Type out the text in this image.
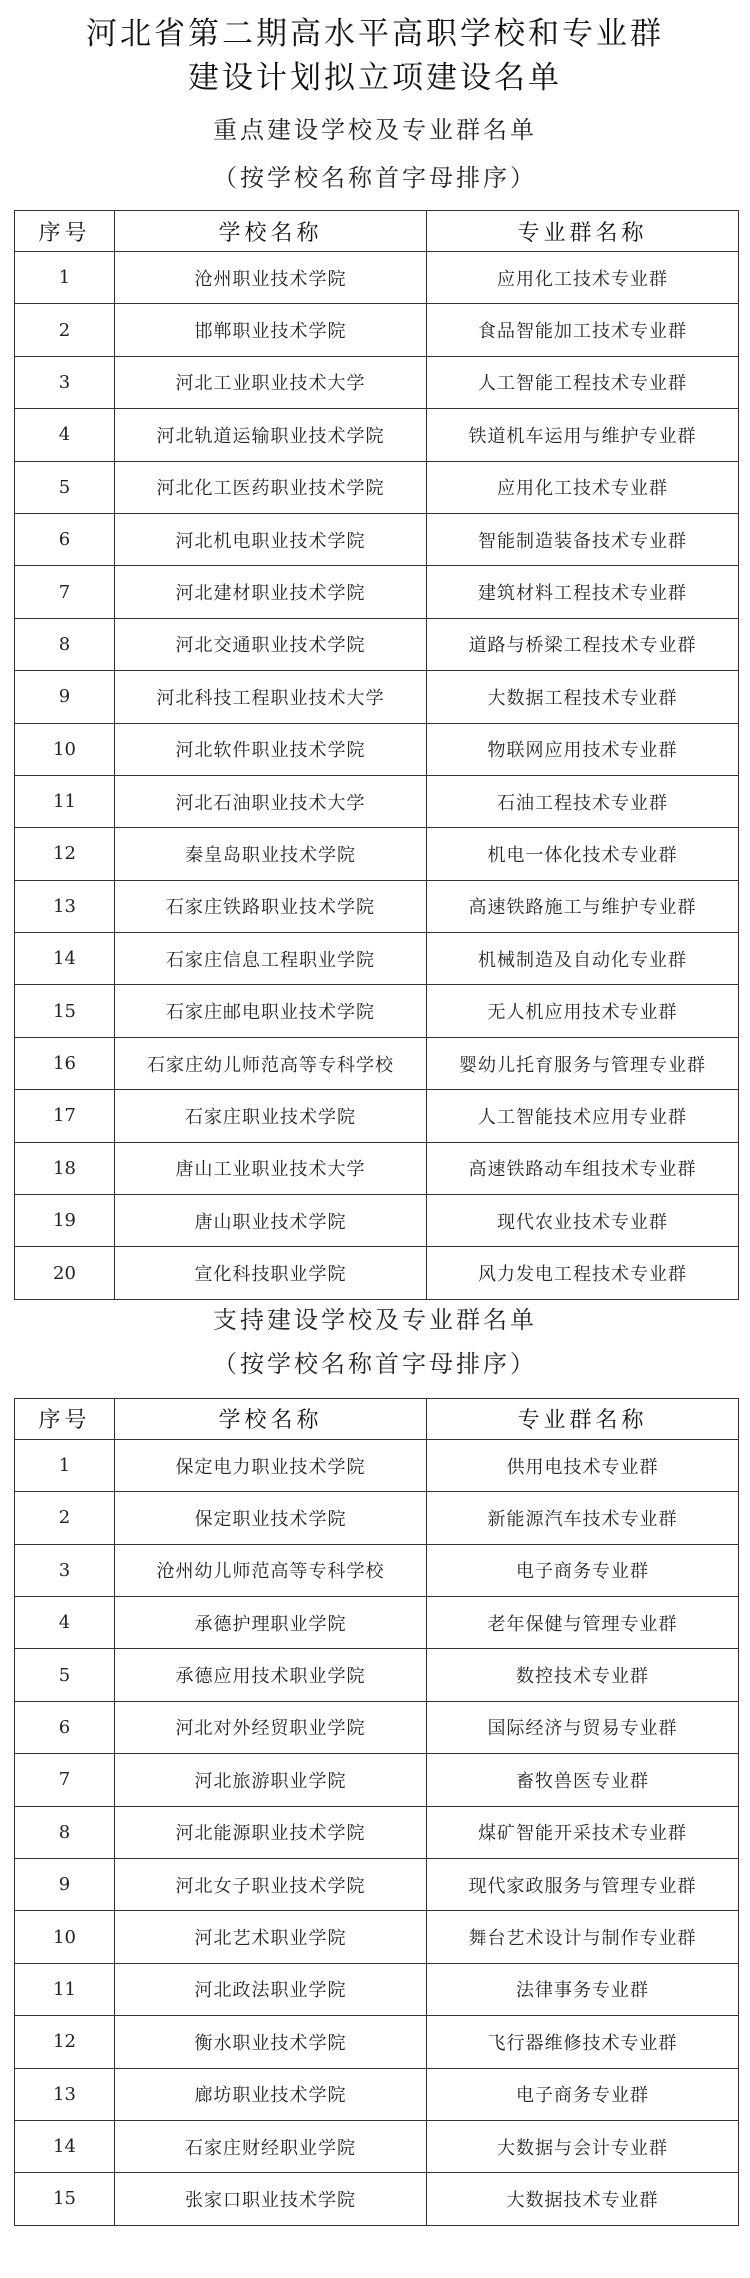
河北省第二期高水平高职学校和专业群
建设计划拟立项建设名单
重点建设学校及专业群名单
（按学校名称首字母排序）
序号	学校名称	专业群名称
1	沧州职业技术学院	应用化工技术专业群
2	邯郸职业技术学院	食品智能加工技术专业群
3	河北工业职业技术大学	人工智能工程技术专业群
4	河北轨道运输职业技术学院	铁道机车运用与维护专业群
5	河北化工医药职业技术学院	应用化工技术专业群
6	河北机电职业技术学院	智能制造装备技术专业群
7	河北建材职业技术学院	建筑材料工程技术专业群
8	河北交通职业技术学院	道路与桥梁工程技术专业群
9	河北科技工程职业技术大学	大数据工程技术专业群
10	河北软件职业技术学院	物联网应用技术专业群
11	河北石油职业技术大学	石油工程技术专业群
12	秦皇岛职业技术学院	机电一体化技术专业群
13	石家庄铁路职业技术学院	高速铁路施工与维护专业群
14	石家庄信息工程职业学院	机械制造及自动化专业群
15	石家庄邮电职业技术学院	无人机应用技术专业群
16	石家庄幼儿师范高等专科学校	婴幼儿托育服务与管理专业群
17	石家庄职业技术学院	人工智能技术应用专业群
18	唐山工业职业技术大学	高速铁路动车组技术专业群
19	唐山职业技术学院	现代农业技术专业群
20	宣化科技职业学院	风力发电工程技术专业群
支持建设学校及专业群名单
（按学校名称首字母排序）
序号	学校名称	专业群名称
1	保定电力职业技术学院	供用电技术专业群
2	保定职业技术学院	新能源汽车技术专业群
3	沧州幼儿师范高等专科学校	电子商务专业群
4	承德护理职业学院	老年保健与管理专业群
5	承德应用技术职业学院	数控技术专业群
6	河北对外经贸职业学院	国际经济与贸易专业群
7	河北旅游职业学院	畜牧兽医专业群
8	河北能源职业技术学院	煤矿智能开采技术专业群
9	河北女子职业技术学院	现代家政服务与管理专业群
10	河北艺术职业学院	舞台艺术设计与制作专业群
11	河北政法职业学院	法律事务专业群
12	衡水职业技术学院	飞行器维修技术专业群
13	廊坊职业技术学院	电子商务专业群
14	石家庄财经职业学院	大数据与会计专业群
15	张家口职业技术学院	大数据技术专业群
